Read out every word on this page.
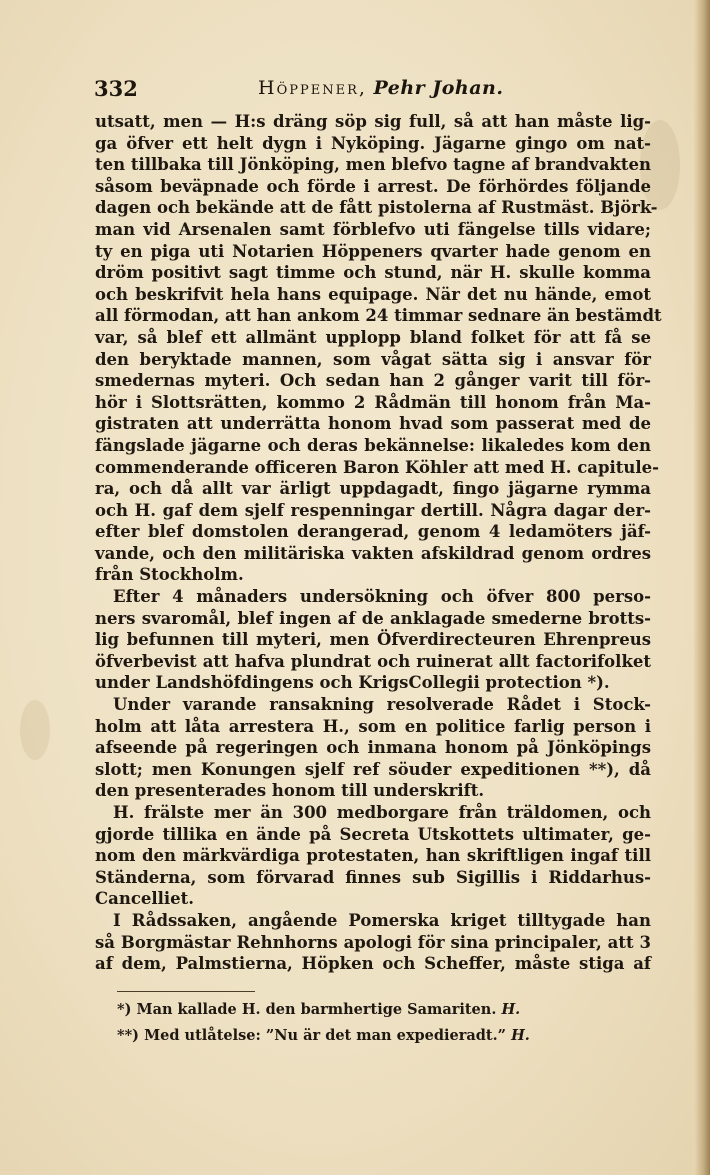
332	Höppener, Pehr Johan.
utsatt, men — H:s dräng söp sig full, så att han måste lig-
ga öfver ett helt dygn i Nyköping. Jägarne gingo om nat-
ten tillbaka till Jönköping, men blefvo tagne af brandvakten
såsom beväpnade och förde i arrest. De förhördes följande
dagen och bekände att de fått pistolerna af Rustmäst. Björk-
man vid Arsenalen samt förblefvo uti fängelse tills vidare;
ty en piga uti Notarien Höppeners qvarter hade genom en
dröm positivt sagt timme och stund, när H. skulle komma
och beskrifvit hela hans equipage. När det nu hände, emot
all förmodan, att han ankom 24 timmar sednare än bestämdt
var, så blef ett allmänt upplopp bland folket för att få se
den beryktade mannen, som vågat sätta sig i ansvar för
smedernas myteri. Och sedan han 2 gånger varit till för-
hör i Slottsrätten, kommo 2 Rådmän till honom från Ma-
gistraten att underrätta honom hvad som passerat med de
fängslade jägarne och deras bekännelse: likaledes kom den
commenderande officeren Baron Köhler att med H. capitule-
ra, och då allt var ärligt uppdagadt, fingo jägarne rymma
och H. gaf dem sjelf respenningar dertill. Några dagar der-
efter blef domstolen derangerad, genom 4 ledamöters jäf-
vande, och den militäriska vakten afskildrad genom ordres
från Stockholm.
Efter 4 månaders undersökning och öfver 800 perso-
ners svaromål, blef ingen af de anklagade smederne brotts-
lig befunnen till myteri, men Öfverdirecteuren Ehrenpreus
öfverbevist att hafva plundrat och ruinerat allt factorifolket
under Landshöfdingens och KrigsCollegii protection *).
Under varande ransakning resolverade Rådet i Stock-
holm att låta arrestera H., som en politice farlig person i
afseende på regeringen och inmana honom på Jönköpings
slott; men Konungen sjelf ref söuder expeditionen **), då
den presenterades honom till underskrift.
H. frälste mer än 300 medborgare från träldomen, och
gjorde tillika en ände på Secreta Utskottets ultimater, ge-
nom den märkvärdiga protestaten, han skriftligen ingaf till
Ständerna, som förvarad finnes sub Sigillis i Riddarhus-
Cancelliet.
I Rådssaken, angående Pomerska kriget tilltygade han
så Borgmästar Rehnhorns apologi för sina principaler, att 3
af dem, Palmstierna, Höpken och Scheffer, måste stiga af
*) Man kallade H. den barmhertige Samariten. H.
**) Med utlåtelse: ”Nu är det man expedieradt.” H.
